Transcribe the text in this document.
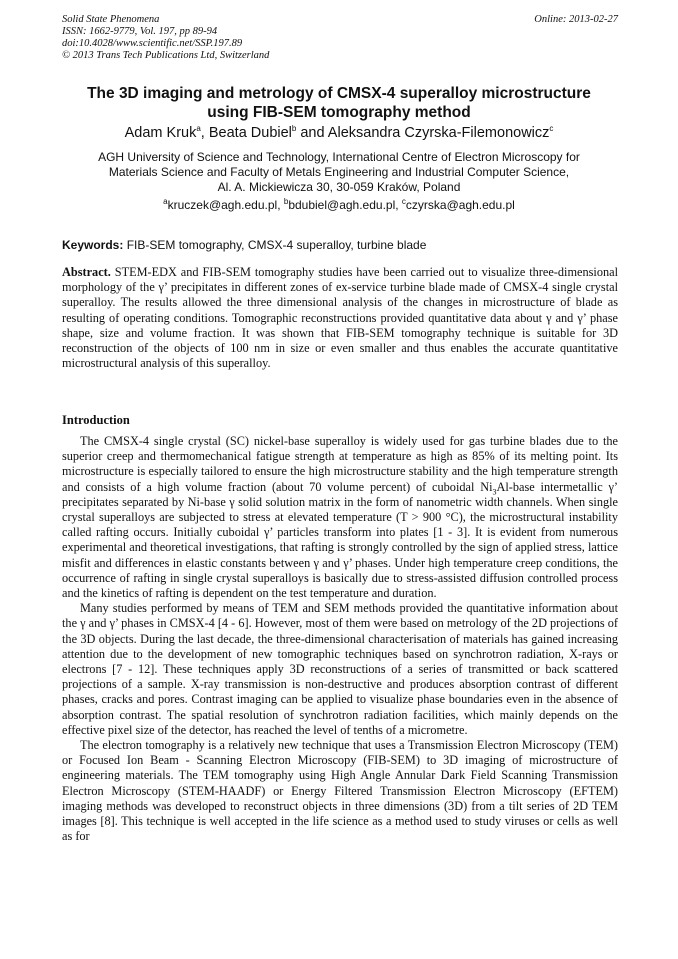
Solid State Phenomena
ISSN: 1662-9779, Vol. 197, pp 89-94
doi:10.4028/www.scientific.net/SSP.197.89
© 2013 Trans Tech Publications Ltd, Switzerland
Online: 2013-02-27
The 3D imaging and metrology of CMSX-4 superalloy microstructure
using FIB-SEM tomography method
Adam Kruk$^a$, Beata Dubiel$^b$ and Aleksandra Czyrska-Filemonowicz$^c$
AGH University of Science and Technology, International Centre of Electron Microscopy for
Materials Science and Faculty of Metals Engineering and Industrial Computer Science,
Al. A. Mickiewicza 30, 30-059 Kraków, Poland
$^a$kruczek@agh.edu.pl, $^b$bdubiel@agh.edu.pl, $^c$czyrska@agh.edu.pl
Keywords: FIB-SEM tomography, CMSX-4 superalloy, turbine blade
Abstract. STEM-EDX and FIB-SEM tomography studies have been carried out to visualize three-dimensional morphology of the γ’ precipitates in different zones of ex-service turbine blade made of CMSX-4 single crystal superalloy. The results allowed the three dimensional analysis of the changes in microstructure of blade as resulting of operating conditions. Tomographic reconstructions provided quantitative data about γ and γ’ phase shape, size and volume fraction. It was shown that FIB-SEM tomography technique is suitable for 3D reconstruction of the objects of 100 nm in size or even smaller and thus enables the accurate quantitative microstructural analysis of this superalloy.
Introduction

The CMSX-4 single crystal (SC) nickel-base superalloy is widely used for gas turbine blades due to the superior creep and thermomechanical fatigue strength at temperature as high as 85% of its melting point. Its microstructure is especially tailored to ensure the high microstructure stability and the high temperature strength and consists of a high volume fraction (about 70 volume percent) of cuboidal $Ni_3Al$-base intermetallic γ’ precipitates separated by Ni-base γ solid solution matrix in the form of nanometric width channels. When single crystal superalloys are subjected to stress at elevated temperature (T > 900 °C), the microstructural instability called rafting occurs. Initially cuboidal γ’ particles transform into plates [1 - 3]. It is evident from numerous experimental and theoretical investigations, that rafting is strongly controlled by the sign of applied stress, lattice misfit and differences in elastic constants between γ and γ’ phases. Under high temperature creep conditions, the occurrence of rafting in single crystal superalloys is basically due to stress-assisted diffusion controlled process and the kinetics of rafting is dependent on the test temperature and duration.

Many studies performed by means of TEM and SEM methods provided the quantitative information about the γ and γ’ phases in CMSX-4 [4 - 6]. However, most of them were based on metrology of the 2D projections of the 3D objects. During the last decade, the three-dimensional characterisation of materials has gained increasing attention due to the development of new tomographic techniques based on synchrotron radiation, X-rays or electrons [7 - 12]. These techniques apply 3D reconstructions of a series of transmitted or back scattered projections of a sample. X-ray transmission is non-destructive and produces absorption contrast of different phases, cracks and pores. Contrast imaging can be applied to visualize phase boundaries even in the absence of absorption contrast. The spatial resolution of synchrotron radiation facilities, which mainly depends on the effective pixel size of the detector, has reached the level of tenths of a micrometre.

The electron tomography is a relatively new technique that uses a Transmission Electron Microscopy (TEM) or Focused Ion Beam - Scanning Electron Microscopy (FIB-SEM) to 3D imaging of microstructure of engineering materials. The TEM tomography using High Angle Annular Dark Field Scanning Transmission Electron Microscopy (STEM-HAADF) or Energy Filtered Transmission Electron Microscopy (EFTEM) imaging methods was developed to reconstruct objects in three dimensions (3D) from a tilt series of 2D TEM images [8]. This technique is well accepted in the life science as a method used to study viruses or cells as well as for
